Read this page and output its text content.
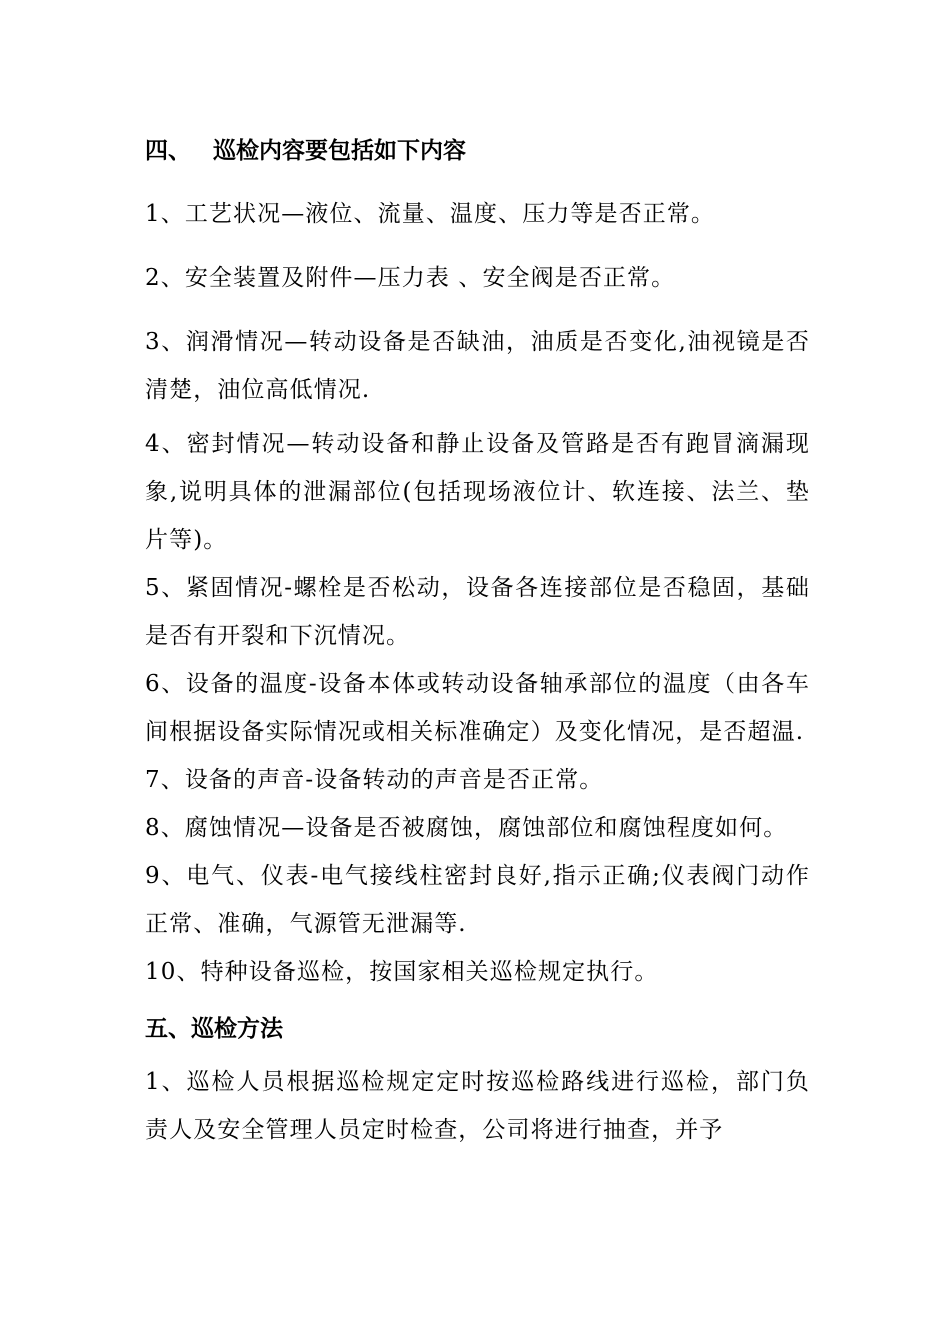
四、 巡检内容要包括如下内容

1、工艺状况—液位、流量、温度、压力等是否正常。

2、安全装置及附件—压力表 、安全阀是否正常。

3、润滑情况—转动设备是否缺油，油质是否变化,油视镜是否清楚，油位高低情况.

4、密封情况—转动设备和静止设备及管路是否有跑冒滴漏现象,说明具体的泄漏部位(包括现场液位计、软连接、法兰、垫片等)。

5、紧固情况-螺栓是否松动，设备各连接部位是否稳固，基础是否有开裂和下沉情况。

6、设备的温度-设备本体或转动设备轴承部位的温度（由各车间根据设备实际情况或相关标准确定）及变化情况，是否超温.

7、设备的声音-设备转动的声音是否正常。

8、腐蚀情况—设备是否被腐蚀，腐蚀部位和腐蚀程度如何。

9、电气、仪表-电气接线柱密封良好,指示正确;仪表阀门动作正常、准确，气源管无泄漏等.

10、特种设备巡检，按国家相关巡检规定执行。

五、巡检方法

1、巡检人员根据巡检规定定时按巡检路线进行巡检，部门负责人及安全管理人员定时检查，公司将进行抽查，并予
